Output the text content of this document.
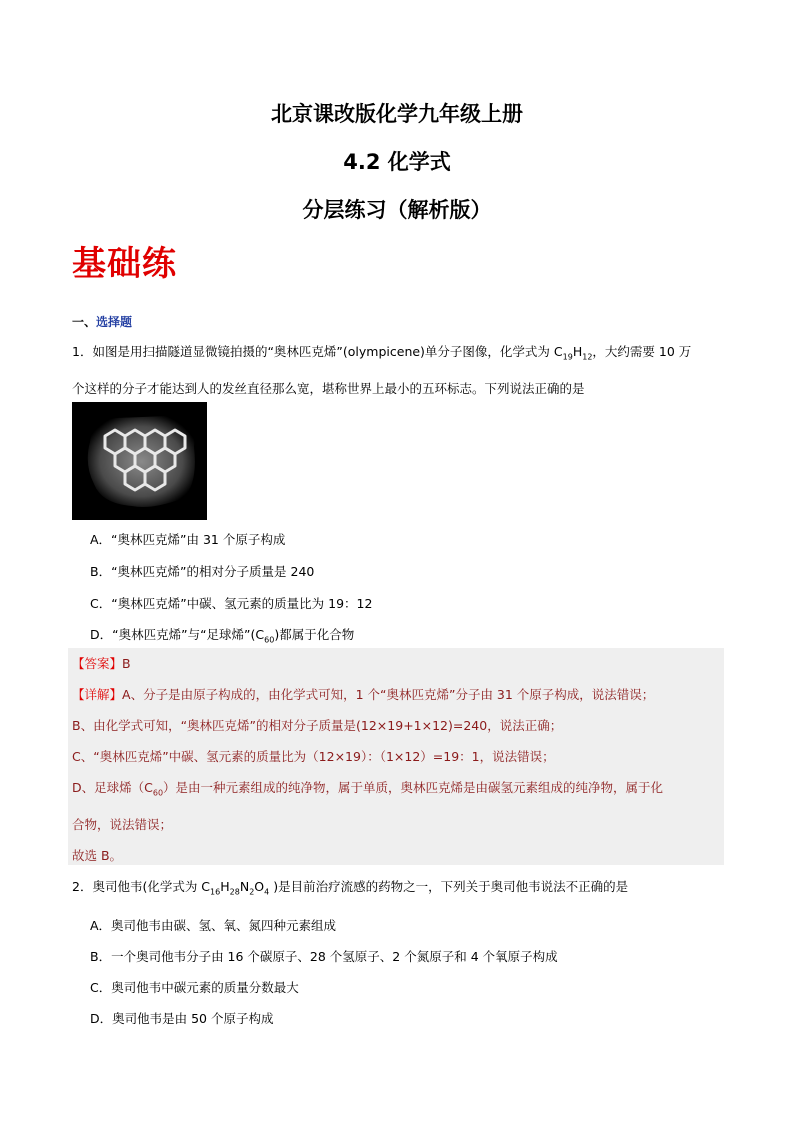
北京课改版化学九年级上册
4.2 化学式
分层练习（解析版）
基础练
一、选择题
1．如图是用扫描隧道显微镜拍摄的“奥林匹克烯”(olympicene)单分子图像，化学式为 $C_{19}H_{12}$，大约需要 10 万
个这样的分子才能达到人的发丝直径那么宽，堪称世界上最小的五环标志。下列说法正确的是
A．“奥林匹克烯”由 31 个原子构成
B．“奥林匹克烯”的相对分子质量是 240
C．“奥林匹克烯”中碳、氢元素的质量比为 19：12
D．“奥林匹克烯”与“足球烯$”(C_{60})$都属于化合物
【答案】B
【详解】A、分子是由原子构成的，由化学式可知，1 个“奥林匹克烯”分子由 31 个原子构成，说法错误；
B、由化学式可知，“奥林匹克烯”的相对分子质量是(12×19+1×12)=240，说法正确；
C、“奥林匹克烯”中碳、氢元素的质量比为（12×19）：（1×12）=19：1，说法错误；
D、足球烯$(C_{60})$是由一种元素组成的纯净物，属于单质，奥林匹克烯是由碳氢元素组成的纯净物，属于化
合物，说法错误；
故选 B。
2．奥司他韦(化学式为 $C_{16}H_{28}N_2O_4$ )是目前治疗流感的药物之一，下列关于奥司他韦说法不正确的是
A．奥司他韦由碳、氢、氧、氮四种元素组成
B．一个奥司他韦分子由 16 个碳原子、28 个氢原子、2 个氮原子和 4 个氧原子构成
C．奥司他韦中碳元素的质量分数最大
D．奥司他韦是由 50 个原子构成
